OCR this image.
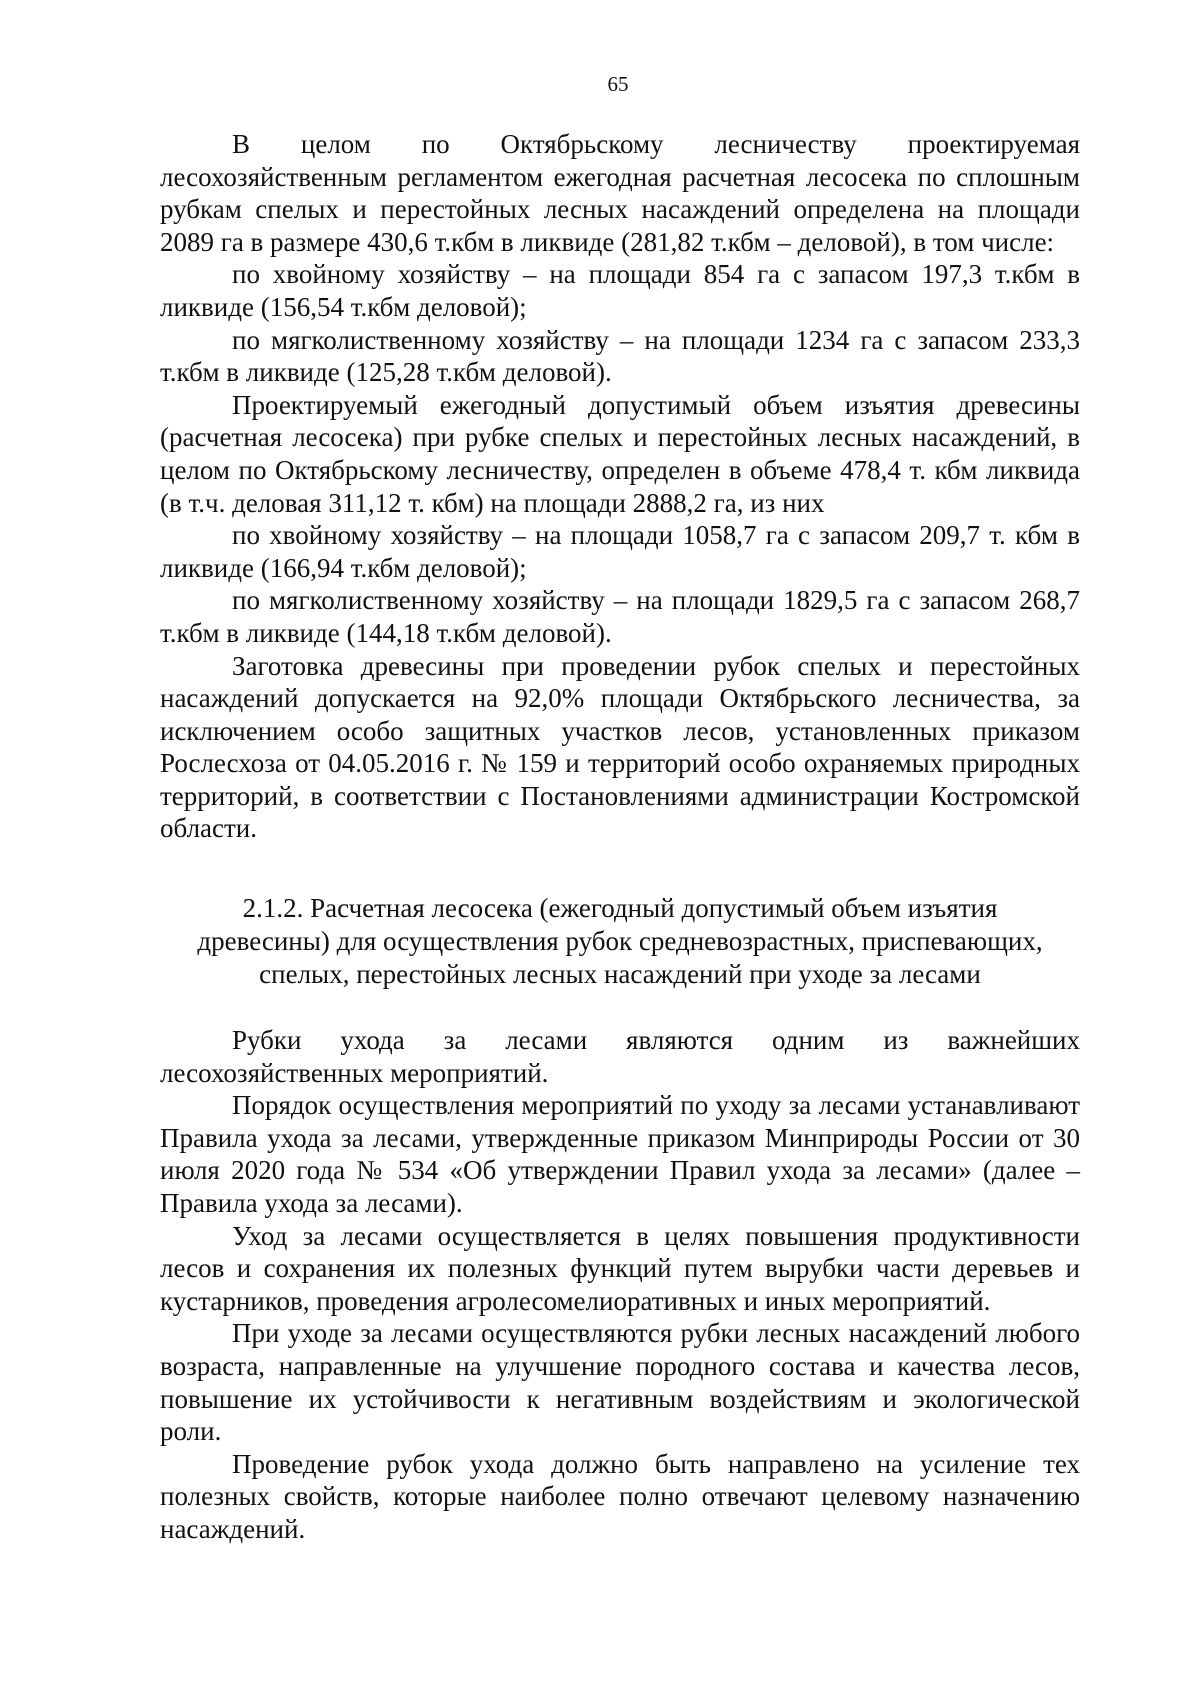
65

В целом по Октябрьскому лесничеству проектируемая лесохозяйственным регламентом ежегодная расчетная лесосека по сплошным рубкам спелых и перестойных лесных насаждений определена на площади 2089 га в размере 430,6 т.кбм в ликвиде (281,82 т.кбм – деловой), в том числе:

по хвойному хозяйству – на площади 854 га с запасом 197,3 т.кбм в ликвиде (156,54 т.кбм деловой);

по мягколиственному хозяйству – на площади 1234 га с запасом 233,3 т.кбм в ликвиде (125,28 т.кбм деловой).

Проектируемый ежегодный допустимый объем изъятия древесины (расчетная лесосека) при рубке спелых и перестойных лесных насаждений, в целом по Октябрьскому лесничеству, определен в объеме 478,4 т. кбм ликвида (в т.ч. деловая 311,12 т. кбм) на площади 2888,2 га, из них

по хвойному хозяйству – на площади 1058,7 га с запасом 209,7 т. кбм в ликвиде (166,94 т.кбм деловой);

по мягколиственному хозяйству – на площади 1829,5 га с запасом 268,7 т.кбм в ликвиде (144,18 т.кбм деловой).

Заготовка древесины при проведении рубок спелых и перестойных насаждений допускается на 92,0% площади Октябрьского лесничества, за исключением особо защитных участков лесов, установленных приказом Рослесхоза от 04.05.2016 г. № 159 и территорий особо охраняемых природных территорий, в соответствии с Постановлениями администрации Костромской области.

2.1.2. Расчетная лесосека (ежегодный допустимый объем изъятия
древесины) для осуществления рубок средневозрастных, приспевающих,
спелых, перестойных лесных насаждений при уходе за лесами

Рубки ухода за лесами являются одним из важнейших лесохозяйственных мероприятий.

Порядок осуществления мероприятий по уходу за лесами устанавливают Правила ухода за лесами, утвержденные приказом Минприроды России от 30 июля 2020 года № 534 «Об утверждении Правил ухода за лесами» (далее – Правила ухода за лесами).

Уход за лесами осуществляется в целях повышения продуктивности лесов и сохранения их полезных функций путем вырубки части деревьев и кустарников, проведения агролесомелиоративных и иных мероприятий.

При уходе за лесами осуществляются рубки лесных насаждений любого возраста, направленные на улучшение породного состава и качества лесов, повышение их устойчивости к негативным воздействиям и экологической роли.

Проведение рубок ухода должно быть направлено на усиление тех полезных свойств, которые наиболее полно отвечают целевому назначению насаждений.
